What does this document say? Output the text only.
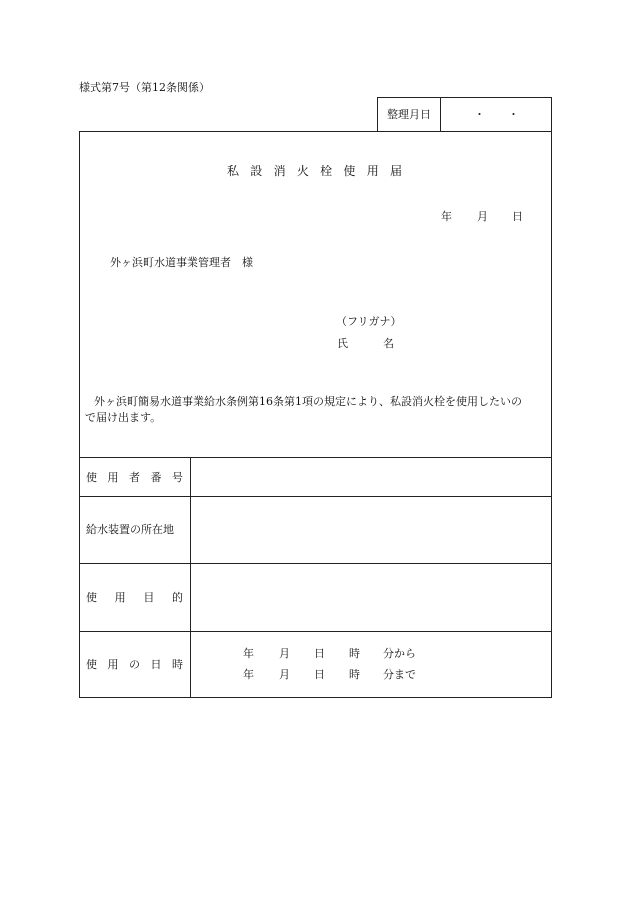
様式第7号（第12条関係）
整理月日	・ ・
私 設 消 火 栓 使 用 届
年 月 日
外ヶ浜町水道事業管理者　様
（フリガナ）
氏	名
外ヶ浜町簡易水道事業給水条例第16条第1項の規定により、私設消火栓を使用したいの
で届け出ます。
使 用 者 番 号
給水装置の所在地
使 用 目 的
使 用 の 日 時
年 月 日 時 分から
年 月 日 時 分まで
